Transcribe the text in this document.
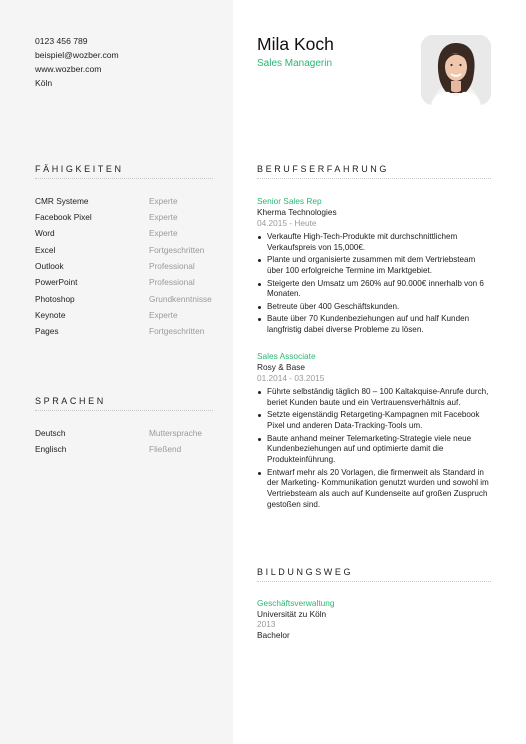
0123 456 789
beispiel@wozber.com
www.wozber.com
Köln
FÄHIGKEITEN
CMR Systeme	Experte
Facebook Pixel	Experte
Word	Experte
Excel	Fortgeschritten
Outlook	Professional
PowerPoint	Professional
Photoshop	Grundkenntnisse
Keynote	Experte
Pages	Fortgeschritten
SPRACHEN
Deutsch	Muttersprache
Englisch	Fließend
Mila Koch
Sales Managerin
BERUFSERFAHRUNG
Senior Sales Rep
Kherma Technologies
04.2015 - Heute
Verkaufte High-Tech-Produkte mit durchschnittlichem Verkaufspreis von 15,000€.
Plante und organisierte zusammen mit dem Vertriebsteam über 100 erfolgreiche Termine im Marktgebiet.
Steigerte den Umsatz um 260% auf 90.000€ innerhalb von 6 Monaten.
Betreute über 400 Geschäftskunden.
Baute über 70 Kundenbeziehungen auf und half Kunden langfristig dabei diverse Probleme zu lösen.
Sales Associate
Rosy & Base
01.2014 - 03.2015
Führte selbständig täglich 80 – 100 Kaltakquise-Anrufe durch, beriet Kunden baute und ein Vertrauensverhältnis auf.
Setzte eigenständig Retargeting-Kampagnen mit Facebook Pixel und anderen Data-Tracking-Tools um.
Baute anhand meiner Telemarketing-Strategie viele neue Kundenbeziehungen auf und optimierte damit die Produkteinführung.
Entwarf mehr als 20 Vorlagen, die firmenweit als Standard in der Marketing- Kommunikation genutzt wurden und sowohl im Vertriebsteam als auch auf Kundenseite auf großen Zuspruch gestoßen sind.
BILDUNGSWEG
Geschäftsverwaltung
Universität zu Köln
2013
Bachelor
